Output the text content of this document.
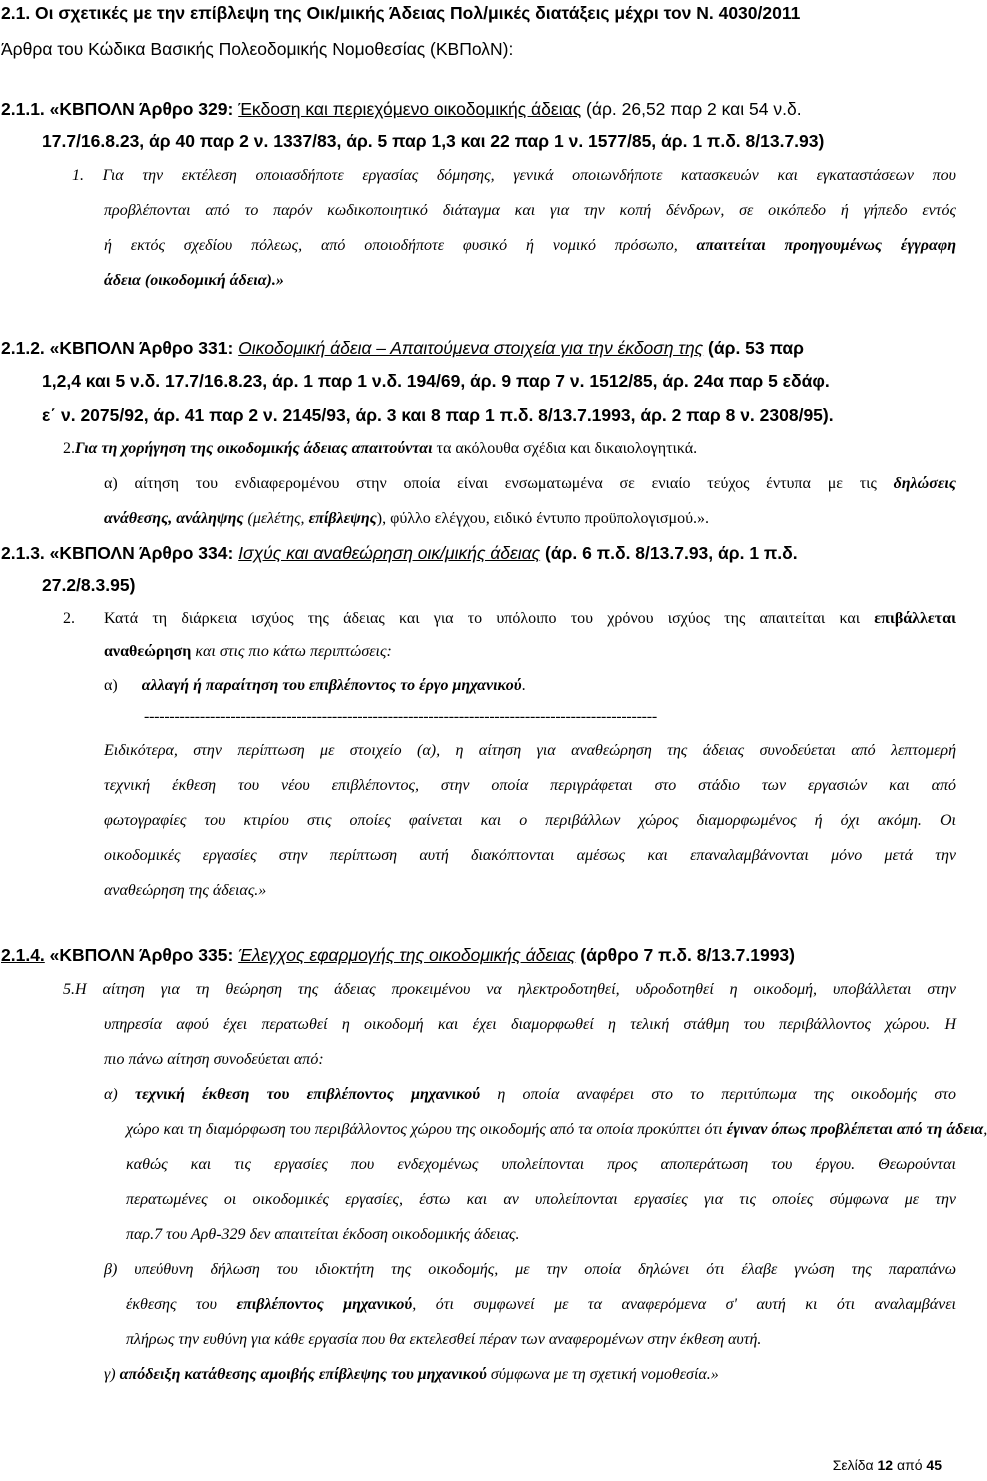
2.1. Οι σχετικές με την επίβλεψη της Οικ/μικής Άδειας Πολ/μικές διατάξεις μέχρι τον Ν. 4030/2011
Άρθρα του Κώδικα Βασικής Πολεοδομικής Νομοθεσίας (ΚΒΠολΝ):
2.1.1. «ΚΒΠΟΛΝ Άρθρο 329: Έκδοση και περιεχόμενο οικοδομικής άδειας (άρ. 26,52 παρ 2 και 54 ν.δ.
17.7/16.8.23, άρ 40 παρ 2 ν. 1337/83, άρ. 5 παρ 1,3 και 22 παρ 1 ν. 1577/85, άρ. 1 π.δ. 8/13.7.93)
1. Για την εκτέλεση οποιασδήποτε εργασίας δόμησης, γενικά οποιωνδήποτε κατασκευών και εγκαταστάσεων που
προβλέπονται από το παρόν κωδικοποιητικό διάταγμα και για την κοπή δένδρων, σε οικόπεδο ή γήπεδο εντός
ή εκτός σχεδίου πόλεως, από οποιοδήποτε φυσικό ή νομικό πρόσωπο, απαιτείται προηγουμένως έγγραφη
άδεια (οικοδομική άδεια).»
2.1.2. «ΚΒΠΟΛΝ Άρθρο 331: Οικοδομική άδεια – Απαιτούμενα στοιχεία για την έκδοση της (άρ. 53 παρ
1,2,4 και 5 ν.δ. 17.7/16.8.23, άρ. 1 παρ 1 ν.δ. 194/69, άρ. 9 παρ 7 ν. 1512/85, άρ. 24α παρ 5 εδάφ.
ε΄ ν. 2075/92, άρ. 41 παρ 2 ν. 2145/93, άρ. 3 και 8 παρ 1 π.δ. 8/13.7.1993, άρ. 2 παρ 8 ν. 2308/95).
2.Για τη χορήγηση της οικοδομικής άδειας απαιτούνται τα ακόλουθα σχέδια και δικαιολογητικά.
α) αίτηση του ενδιαφερομένου στην οποία είναι ενσωματωμένα σε ενιαίο τεύχος έντυπα με τις δηλώσεις
ανάθεσης, ανάληψης (μελέτης, επίβλεψης), φύλλο ελέγχου, ειδικό έντυπο προϋπολογισμού.».
2.1.3. «ΚΒΠΟΛΝ Άρθρο 334: Ισχύς και αναθεώρηση οικ/μικής άδειας (άρ. 6 π.δ. 8/13.7.93, άρ. 1 π.δ.
27.2/8.3.95)
2. Κατά τη διάρκεια ισχύος της άδειας και για το υπόλοιπο του χρόνου ισχύος της απαιτείται και επιβάλλεται
αναθεώρηση και στις πιο κάτω περιπτώσεις:
α) αλλαγή ή παραίτηση του επιβλέποντος το έργο μηχανικού.
-----------------------------------------------------------------------------------------------------
Ειδικότερα, στην περίπτωση με στοιχείο (α), η αίτηση για αναθεώρηση της άδειας συνοδεύεται από λεπτομερή
τεχνική έκθεση του νέου επιβλέποντος, στην οποία περιγράφεται στο στάδιο των εργασιών και από
φωτογραφίες του κτιρίου στις οποίες φαίνεται και ο περιβάλλων χώρος διαμορφωμένος ή όχι ακόμη. Οι
οικοδομικές εργασίες στην περίπτωση αυτή διακόπτονται αμέσως και επαναλαμβάνονται μόνο μετά την
αναθεώρηση της άδειας.»
2.1.4. «ΚΒΠΟΛΝ Άρθρο 335: Έλεγχος εφαρμογής της οικοδομικής άδειας (άρθρο 7 π.δ. 8/13.7.1993)
5.Η αίτηση για τη θεώρηση της άδειας προκειμένου να ηλεκτροδοτηθεί, υδροδοτηθεί η οικοδομή, υποβάλλεται στην
υπηρεσία αφού έχει περατωθεί η οικοδομή και έχει διαμορφωθεί η τελική στάθμη του περιβάλλοντος χώρου. Η
πιο πάνω αίτηση συνοδεύεται από:
α) τεχνική έκθεση του επιβλέποντος μηχανικού η οποία αναφέρει στο το περιτύπωμα της οικοδομής στο
χώρο και τη διαμόρφωση του περιβάλλοντος χώρου της οικοδομής από τα οποία προκύπτει ότι έγιναν όπως προβλέπεται από τη άδεια,
καθώς και τις εργασίες που ενδεχομένως υπολείπονται προς αποπεράτωση του έργου. Θεωρούνται
περατωμένες οι οικοδομικές εργασίες, έστω και αν υπολείπονται εργασίες για τις οποίες σύμφωνα με την
παρ.7 του Αρθ-329 δεν απαιτείται έκδοση οικοδομικής άδειας.
β) υπεύθυνη δήλωση του ιδιοκτήτη της οικοδομής, με την οποία δηλώνει ότι έλαβε γνώση της παραπάνω
έκθεσης του επιβλέποντος μηχανικού, ότι συμφωνεί με τα αναφερόμενα σ' αυτή κι ότι αναλαμβάνει
πλήρως την ευθύνη για κάθε εργασία που θα εκτελεσθεί πέραν των αναφερομένων στην έκθεση αυτή.
γ) απόδειξη κατάθεσης αμοιβής επίβλεψης του μηχανικού σύμφωνα με τη σχετική νομοθεσία.»
Σελίδα 12 από 45
